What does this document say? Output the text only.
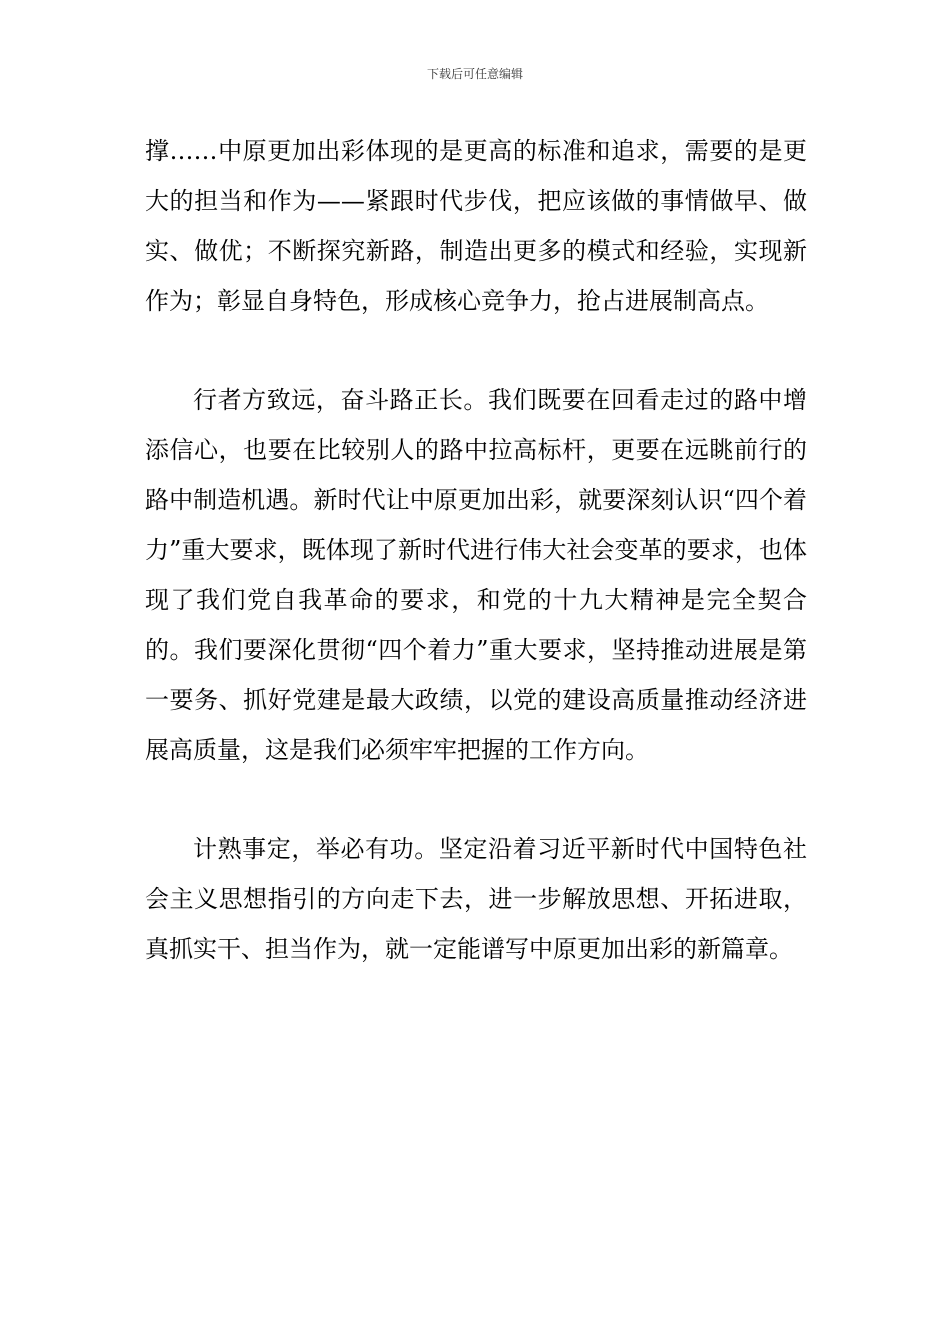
下载后可任意编辑

撑……中原更加出彩体现的是更高的标准和追求，需要的是更大的担当和作为——紧跟时代步伐，把应该做的事情做早、做实、做优；不断探究新路，制造出更多的模式和经验，实现新作为；彰显自身特色，形成核心竞争力，抢占进展制高点。

行者方致远，奋斗路正长。我们既要在回看走过的路中增添信心，也要在比较别人的路中拉高标杆，更要在远眺前行的路中制造机遇。新时代让中原更加出彩，就要深刻认识“四个着力”重大要求，既体现了新时代进行伟大社会变革的要求，也体现了我们党自我革命的要求，和党的十九大精神是完全契合的。我们要深化贯彻“四个着力”重大要求，坚持推动进展是第一要务、抓好党建是最大政绩，以党的建设高质量推动经济进展高质量，这是我们必须牢牢把握的工作方向。

计熟事定，举必有功。坚定沿着习近平新时代中国特色社会主义思想指引的方向走下去，进一步解放思想、开拓进取，真抓实干、担当作为，就一定能谱写中原更加出彩的新篇章。
